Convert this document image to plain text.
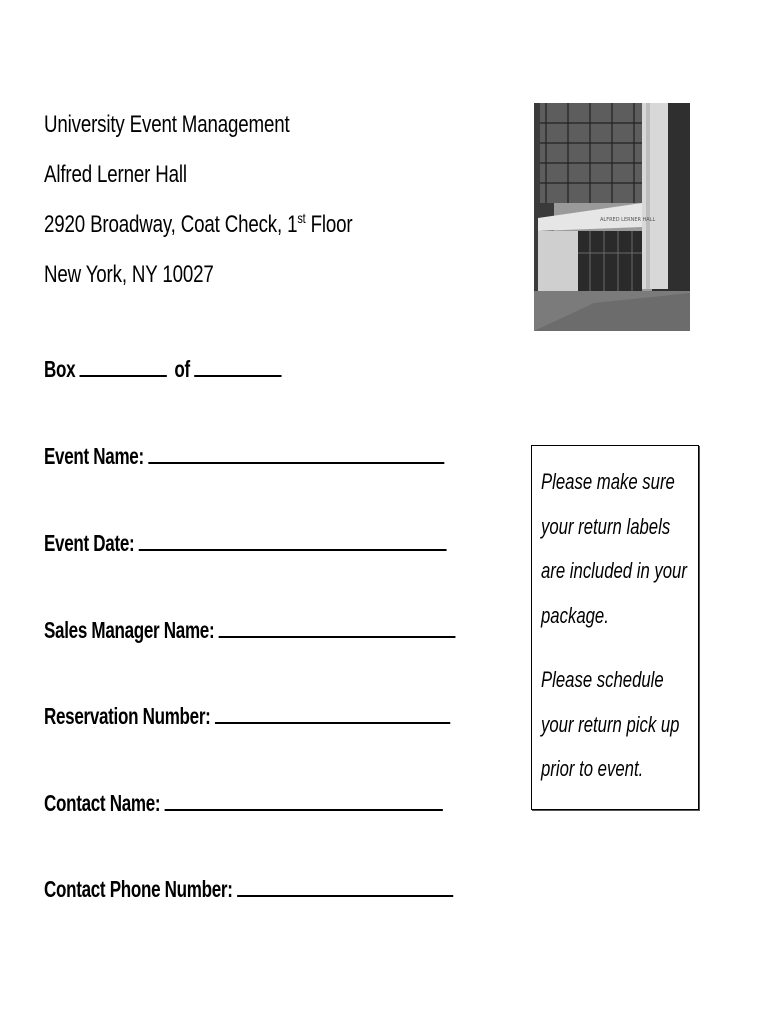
University Event Management
Alfred Lerner Hall
2920 Broadway, Coat Check, 1st Floor
New York, NY 10027
ALFRED LERNER HALL
Box	of
Event Name:
Event Date:
Sales Manager Name:
Reservation Number:
Contact Name:
Contact Phone Number:

Please make sure your return labels are included in your package.

Please schedule your return pick up prior to event.
